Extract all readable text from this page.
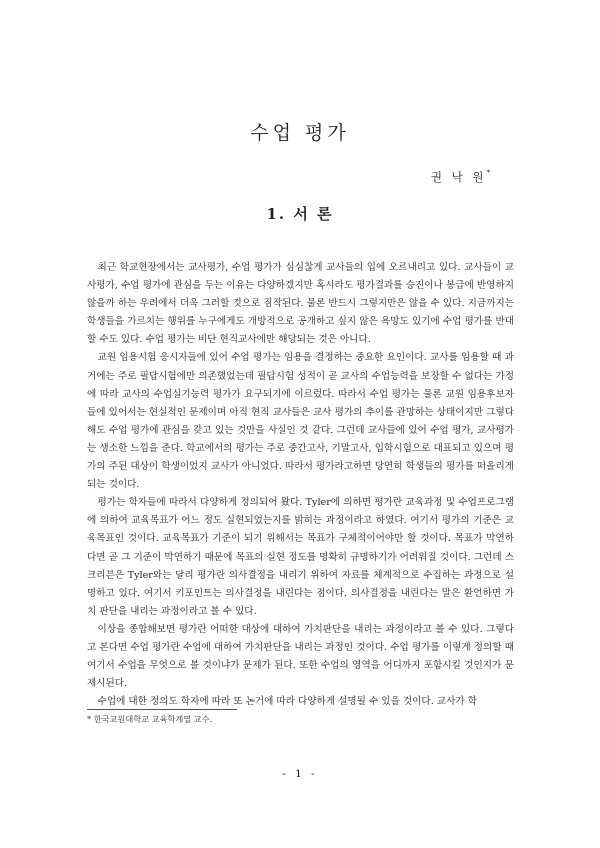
수업 평가
권 낙 원*
1. 서 론

최근 학교현장에서는 교사평가, 수업 평가가 심심찮게 교사들의 입에 오르내리고 있다. 교사들이 교사평가, 수업 평가에 관심을 두는 이유는 다양하겠지만 혹시라도 평가결과를 승진이나 봉급에 반영하지 않을까 하는 우려에서 더욱 그러할 것으로 짐작된다. 물론 반드시 그렇지만은 않을 수 있다. 지금까지는 학생들을 가르치는 행위를 누구에게도 개방적으로 공개하고 싶지 않은 욕망도 있기에 수업 평가를 반대할 수도 있다. 수업 평가는 비단 현직교사에만 해당되는 것은 아니다.

교원 임용시험 응시자들에 있어 수업 평가는 임용을 결정하는 중요한 요인이다. 교사를 임용할 때 과거에는 주로 필답시험에만 의존했었는데 필답시험 성적이 곧 교사의 수업능력을 보장할 수 없다는 가정에 따라 교사의 수업실기능력 평가가 요구되기에 이르렀다. 따라서 수업 평가는 물론 교원 임용후보자들에 있어서는 현실적인 문제이며 아직 현직 교사들은 교사 평가의 추이를 관망하는 상태이지만 그렇다 해도 수업 평가에 관심을 갖고 있는 것만을 사실인 것 같다. 그런데 교사들에 있어 수업 평가, 교사평가는 생소한 느낌을 준다. 학교에서의 평가는 주로 중간고사, 기말고사, 입학시험으로 대표되고 있으며 평가의 주된 대상이 학생이었지 교사가 아니었다. 따라서 평가라고하면 당연히 학생들의 평가를 떠올리게 되는 것이다.

평가는 학자들에 따라서 다양하게 정의되어 왔다. Tyler에 의하면 평가란 교육과정 및 수업프로그램에 의하여 교육목표가 어느 정도 실현되었는지를 밝히는 과정이라고 하였다. 여기서 평가의 기준은 교육목표인 것이다. 교육목표가 기준이 되기 위해서는 목표가 구체적이어야만 할 것이다. 목표가 막연하다면 곧 그 기준이 막연하기 때문에 목표의 실현 정도를 명확히 규명하기가 어려워질 것이다. 그런데 스크리븐은 Tyler와는 달리 평가란 의사결정을 내리기 위하여 자료를 체계적으로 수집하는 과정으로 설명하고 있다. 여기서 키포인트는 의사결정을 내린다는 점이다. 의사결정을 내린다는 말은 환언하면 가치 판단을 내리는 과정이라고 볼 수 있다.

이상을 종합해보면 평가란 어떠한 대상에 대하여 가치판단을 내리는 과정이라고 볼 수 있다. 그렇다고 본다면 수업 평가란 수업에 대하여 가치판단을 내리는 과정인 것이다. 수업 평가를 이렇게 정의할 때 여기서 수업을 무엇으로 볼 것이냐가 문제가 된다. 또한 수업의 영역을 어디까지 포함시킬 것인지가 문제시된다.

수업에 대한 정의도 학자에 따라 또 논거에 따라 다양하게 설명될 수 있을 것이다. 교사가 학

* 한국교원대학교 교육학계열 교수.
- 1 -
